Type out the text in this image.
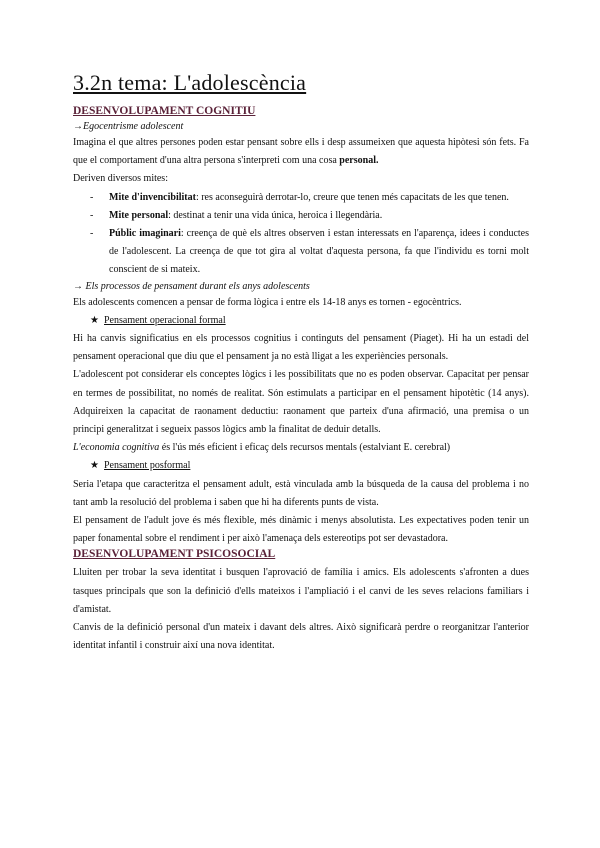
3.2n tema: L'adolescència
DESENVOLUPAMENT COGNITIU
→Egocentrisme adolescent

Imagina el que altres persones poden estar pensant sobre ells i desp assumeixen que aquesta hipòtesi són fets. Fa que el comportament d'una altra persona s'interpreti com una cosa personal.

Deriven diversos mites:

- Mite d'invencibilitat: res aconseguirà derrotar-lo, creure que tenen més capacitats de les que tenen.
- Mite personal: destinat a tenir una vida única, heroica i llegendària.
- Públic imaginari: creença de què els altres observen i estan interessats en l'aparença, idees i conductes de l'adolescent. La creença de que tot gira al voltat d'aquesta persona, fa que l'individu es torni molt conscient de si mateix.
→ Els processos de pensament durant els anys adolescents

Els adolescents comencen a pensar de forma lògica i entre els 14-18 anys es tornen - egocèntrics.

★ Pensament operacional formal

Hi ha canvis significatius en els processos cognitius i continguts del pensament (Piaget). Hi ha un estadi del pensament operacional que diu que el pensament ja no està lligat a les experiències personals.

L'adolescent pot considerar els conceptes lògics i les possibilitats que no es poden observar. Capacitat per pensar en termes de possibilitat, no només de realitat. Són estimulats a participar en el pensament hipotètic (14 anys). Adquireixen la capacitat de raonament deductiu: raonament que parteix d'una afirmació, una premisa o un principi generalitzat i segueix passos lògics amb la finalitat de deduir detalls.

L'economia cognitiva és l'ús més eficient i eficaç dels recursos mentals (estalviant E. cerebral)

★ Pensament posformal

Seria l'etapa que caracteritza el pensament adult, està vinculada amb la búsqueda de la causa del problema i no tant amb la resolució del problema i saben que hi ha diferents punts de vista.

El pensament de l'adult jove és més flexible, més dinàmic i menys absolutista. Les expectatives poden tenir un paper fonamental sobre el rendiment i per això l'amenaça dels estereotips pot ser devastadora.

DESENVOLUPAMENT PSICOSOCIAL

Lluiten per trobar la seva identitat i busquen l'aprovació de família i amics. Els adolescents s'afronten a dues tasques principals que son la definició d'ells mateixos i l'ampliació i el canvi de les seves relacions familiars i d'amistat.

Canvis de la definició personal d'un mateix i davant dels altres. Això significarà perdre o reorganitzar l'anterior identitat infantil i construir així una nova identitat.
